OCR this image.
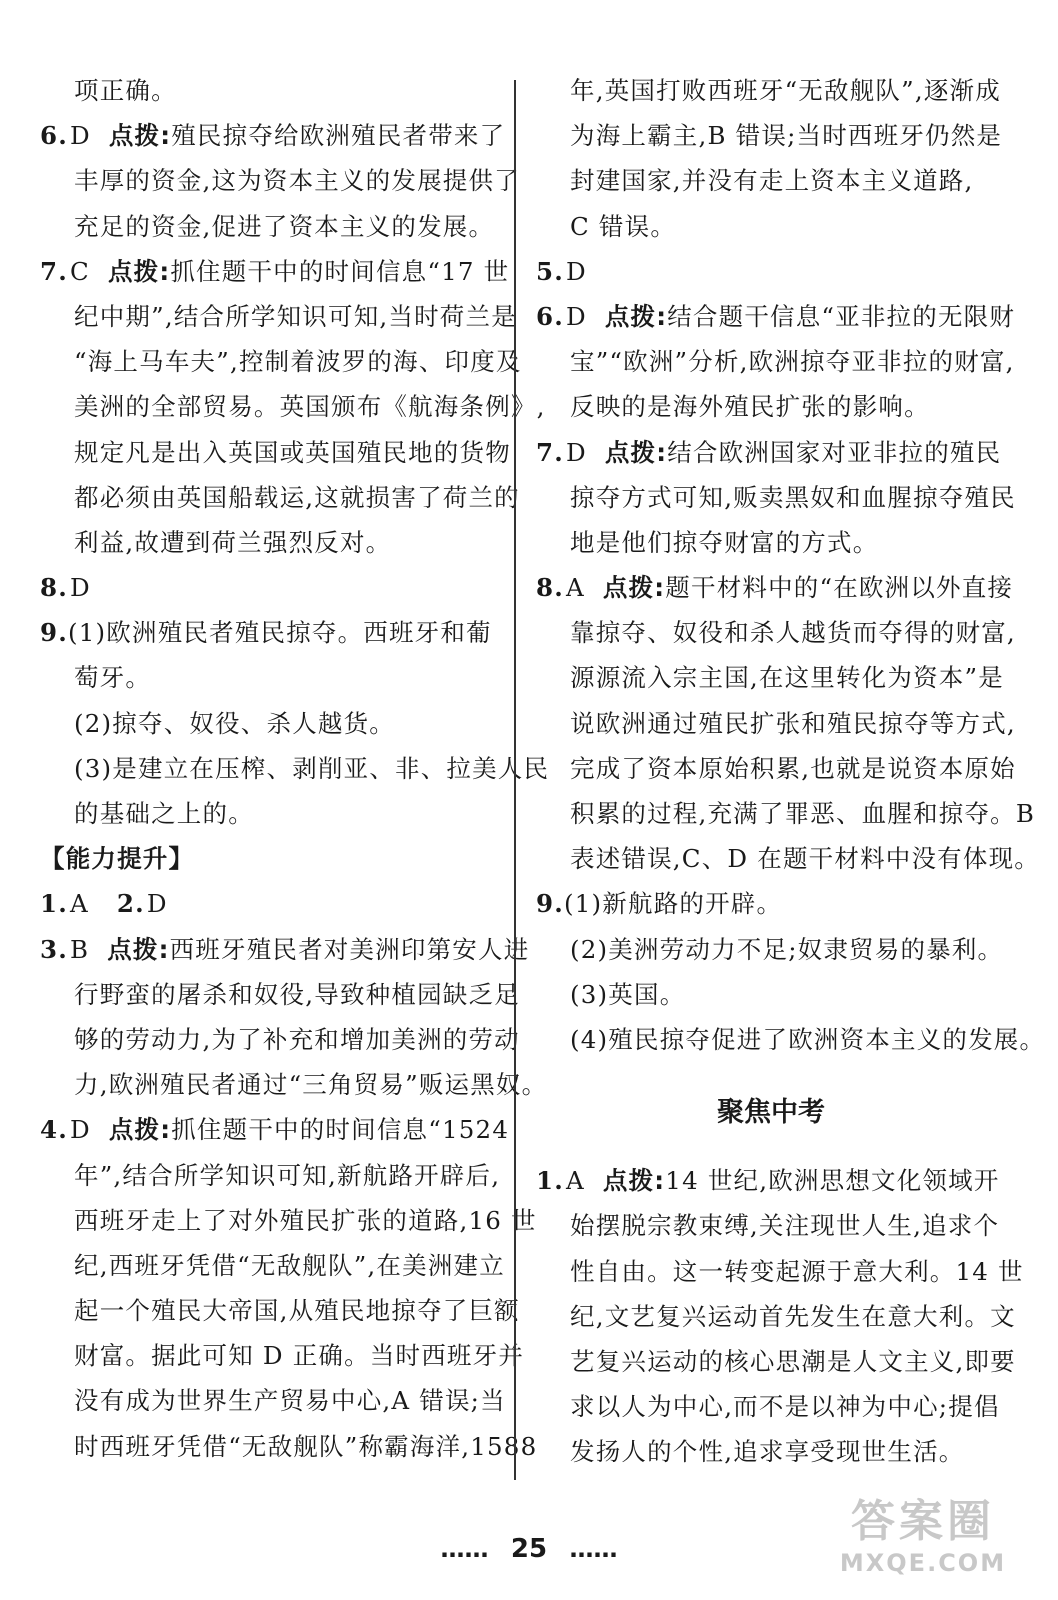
项正确。
6.D 点拨:殖民掠夺给欧洲殖民者带来了
丰厚的资金,这为资本主义的发展提供了
充足的资金,促进了资本主义的发展。
7.C 点拨:抓住题干中的时间信息“17 世
纪中期”,结合所学知识可知,当时荷兰是
“海上马车夫”,控制着波罗的海、印度及
美洲的全部贸易。英国颁布《航海条例》,
规定凡是出入英国或英国殖民地的货物
都必须由英国船载运,这就损害了荷兰的
利益,故遭到荷兰强烈反对。
8.D
9.(1)欧洲殖民者殖民掠夺。西班牙和葡
萄牙。
(2)掠夺、奴役、杀人越货。
(3)是建立在压榨、剥削亚、非、拉美人民
的基础之上的。
【能力提升】
1.A 2.D
3.B 点拨:西班牙殖民者对美洲印第安人进
行野蛮的屠杀和奴役,导致种植园缺乏足
够的劳动力,为了补充和增加美洲的劳动
力,欧洲殖民者通过“三角贸易”贩运黑奴。
4.D 点拨:抓住题干中的时间信息“1524
年”,结合所学知识可知,新航路开辟后,
西班牙走上了对外殖民扩张的道路,16 世
纪,西班牙凭借“无敌舰队”,在美洲建立
起一个殖民大帝国,从殖民地掠夺了巨额
财富。据此可知 D 正确。当时西班牙并
没有成为世界生产贸易中心,A 错误;当
时西班牙凭借“无敌舰队”称霸海洋,1588
年,英国打败西班牙“无敌舰队”,逐渐成
为海上霸主,B 错误;当时西班牙仍然是
封建国家,并没有走上资本主义道路,
C 错误。
5.D
6.D 点拨:结合题干信息“亚非拉的无限财
宝”“欧洲”分析,欧洲掠夺亚非拉的财富,
反映的是海外殖民扩张的影响。
7.D 点拨:结合欧洲国家对亚非拉的殖民
掠夺方式可知,贩卖黑奴和血腥掠夺殖民
地是他们掠夺财富的方式。
8.A 点拨:题干材料中的“在欧洲以外直接
靠掠夺、奴役和杀人越货而夺得的财富,
源源流入宗主国,在这里转化为资本”是
说欧洲通过殖民扩张和殖民掠夺等方式,
完成了资本原始积累,也就是说资本原始
积累的过程,充满了罪恶、血腥和掠夺。B
表述错误,C、D 在题干材料中没有体现。
9.(1)新航路的开辟。
(2)美洲劳动力不足;奴隶贸易的暴利。
(3)英国。
(4)殖民掠夺促进了欧洲资本主义的发展。
聚焦中考
1.A 点拨:14 世纪,欧洲思想文化领域开
始摆脱宗教束缚,关注现世人生,追求个
性自由。这一转变起源于意大利。14 世
纪,文艺复兴运动首先发生在意大利。文
艺复兴运动的核心思潮是人文主义,即要
求以人为中心,而不是以神为中心;提倡
发扬人的个性,追求享受现世生活。
…… 25 ……
答案圈
MXQE.COM
